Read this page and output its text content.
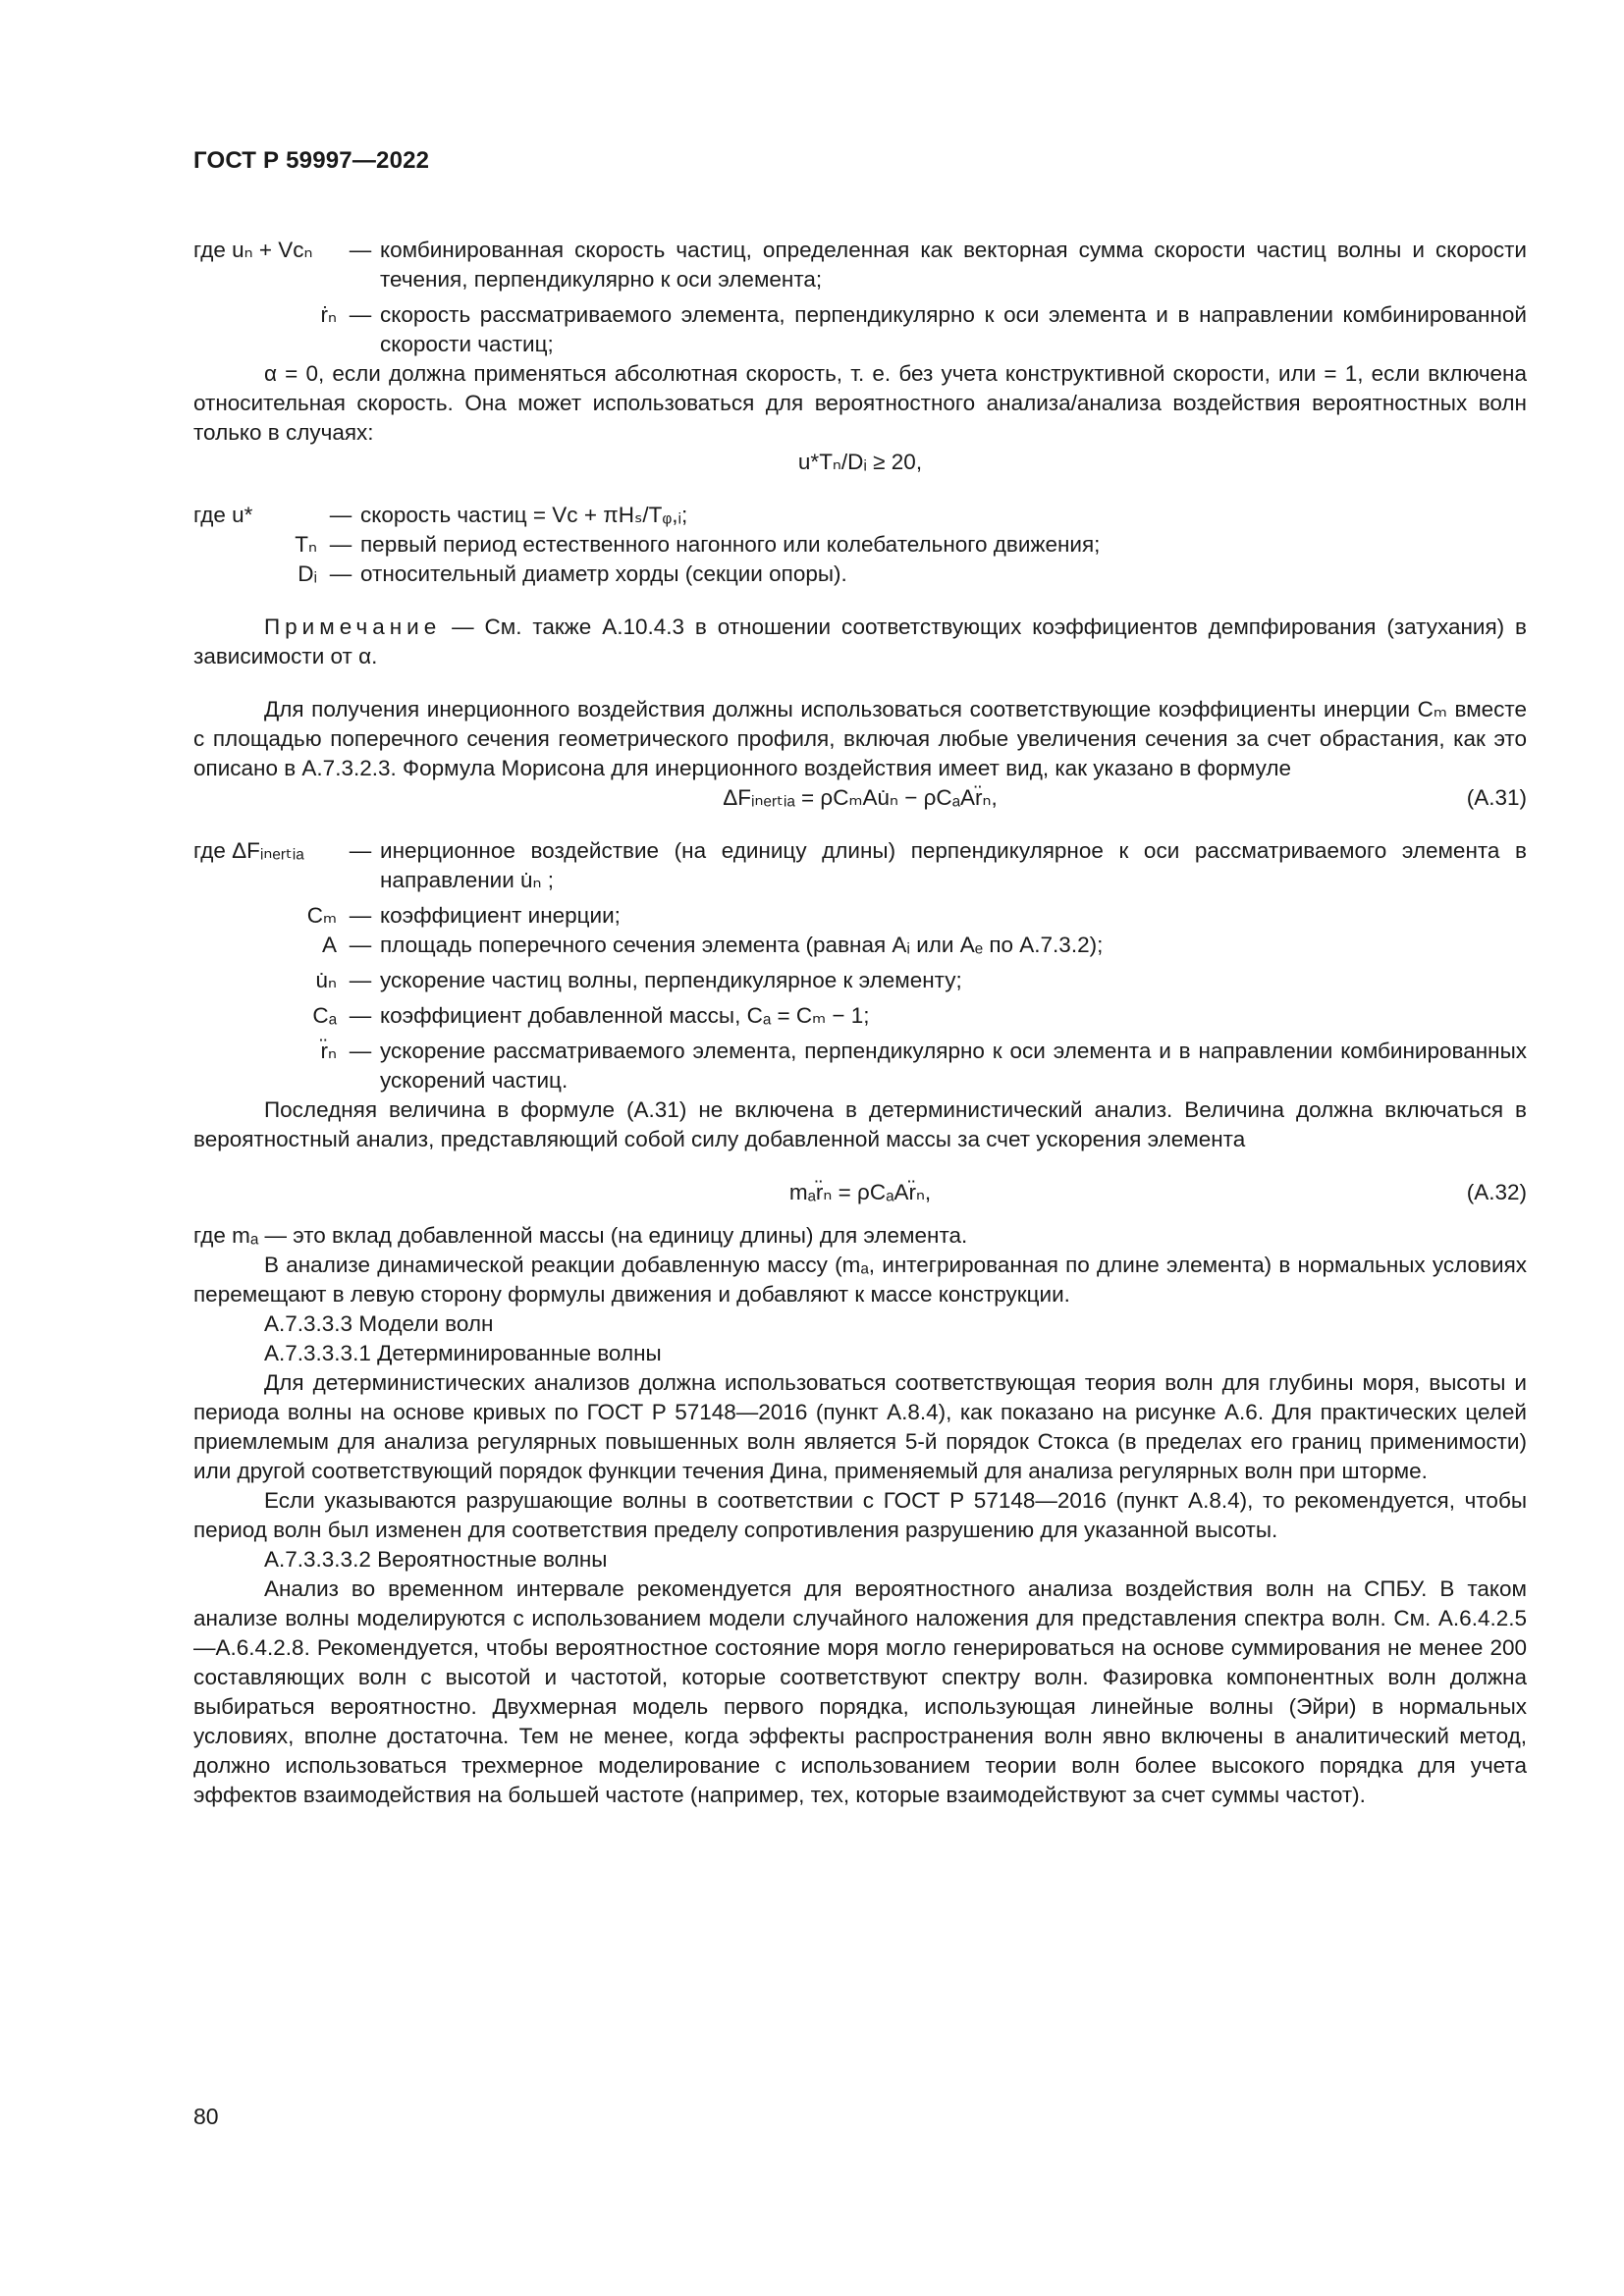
ГОСТ Р 59997—2022
где uₙ + Vᴄₙ	— комбинированная скорость частиц, определенная как векторная сумма скорости частиц волны и скорости течения, перпендикулярно к оси элемента;
ṙₙ — скорость рассматриваемого элемента, перпендикулярно к оси элемента и в направлении комбинированной скорости частиц;

α = 0, если должна применяться абсолютная скорость, т. е. без учета конструктивной скорости, или = 1, если включена относительная скорость. Она может использоваться для вероятностного анализа/анализа воздействия вероятностных волн только в случаях:

u*Tₙ/Dᵢ ≥ 20,
где u*	— скорость частиц = Vᴄ + πHₛ/Tᵩ,ᵢ;
Tₙ — первый период естественного нагонного или колебательного движения;
Dᵢ — относительный диаметр хорды (секции опоры).

Примечание — См. также А.10.4.3 в отношении соответствующих коэффициентов демпфирования (затухания) в зависимости от α.

Для получения инерционного воздействия должны использоваться соответствующие коэффициенты инерции Cₘ вместе с площадью поперечного сечения геометрического профиля, включая любые увеличения сечения за счет обрастания, как это описано в А.7.3.2.3. Формула Морисона для инерционного воздействия имеет вид, как указано в формуле

ΔFᵢₙₑᵣₜᵢₐ = ρCₘAu̇ₙ − ρCₐAr̈ₙ,	(A.31)
где ΔFᵢₙₑᵣₜᵢₐ	— инерционное воздействие (на единицу длины) перпендикулярное к оси рассматриваемого элемента в направлении u̇ₙ ;
Cₘ — коэффициент инерции;
A — площадь поперечного сечения элемента (равная Aᵢ или Aₑ по А.7.3.2);
u̇ₙ — ускорение частиц волны, перпендикулярное к элементу;
Cₐ — коэффициент добавленной массы, Cₐ = Cₘ − 1;
r̈ₙ — ускорение рассматриваемого элемента, перпендикулярно к оси элемента и в направлении комбинированных ускорений частиц.

Последняя величина в формуле (A.31) не включена в детерминистический анализ. Величина должна включаться в вероятностный анализ, представляющий собой силу добавленной массы за счет ускорения элемента

mₐr̈ₙ = ρCₐAr̈ₙ,	(A.32)

где mₐ — это вклад добавленной массы (на единицу длины) для элемента.

В анализе динамической реакции добавленную массу (mₐ, интегрированная по длине элемента) в нормальных условиях перемещают в левую сторону формулы движения и добавляют к массе конструкции.

А.7.3.3.3 Модели волн

А.7.3.3.3.1 Детерминированные волны

Для детерминистических анализов должна использоваться соответствующая теория волн для глубины моря, высоты и периода волны на основе кривых по ГОСТ Р 57148—2016 (пункт А.8.4), как показано на рисунке А.6. Для практических целей приемлемым для анализа регулярных повышенных волн является 5-й порядок Стокса (в пределах его границ применимости) или другой соответствующий порядок функции течения Дина, применяемый для анализа регулярных волн при шторме.

Если указываются разрушающие волны в соответствии с ГОСТ Р 57148—2016 (пункт А.8.4), то рекомендуется, чтобы период волн был изменен для соответствия пределу сопротивления разрушению для указанной высоты.

А.7.3.3.3.2 Вероятностные волны

Анализ во временном интервале рекомендуется для вероятностного анализа воздействия волн на СПБУ. В таком анализе волны моделируются с использованием модели случайного наложения для представления спектра волн. См. А.6.4.2.5—А.6.4.2.8. Рекомендуется, чтобы вероятностное состояние моря могло генерироваться на основе суммирования не менее 200 составляющих волн с высотой и частотой, которые соответствуют спектру волн. Фазировка компонентных волн должна выбираться вероятностно. Двухмерная модель первого порядка, использующая линейные волны (Эйри) в нормальных условиях, вполне достаточна. Тем не менее, когда эффекты распространения волн явно включены в аналитический метод, должно использоваться трехмерное моделирование с использованием теории волн более высокого порядка для учета эффектов взаимодействия на большей частоте (например, тех, которые взаимодействуют за счет суммы частот).

80
